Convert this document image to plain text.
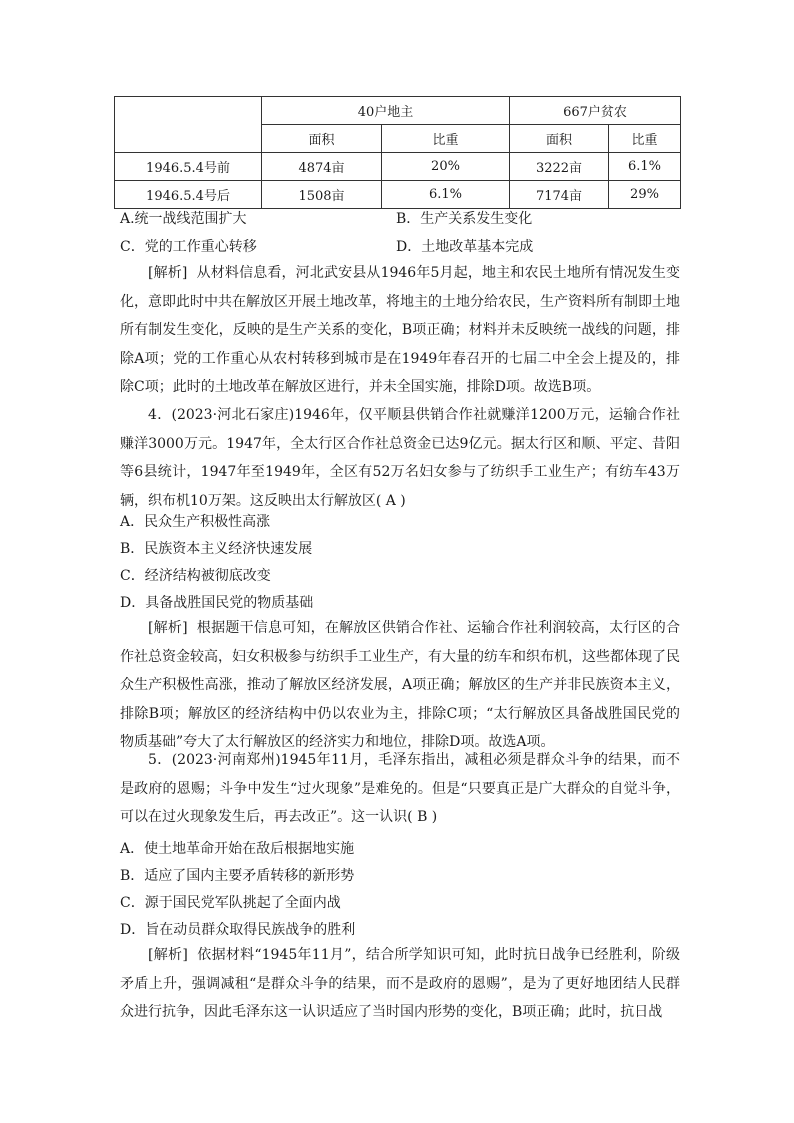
	40户地主		667户贫农	
	面积	比重	面积	比重
1946.5.4号前	4874亩	20%	3222亩	6.1%
1946.5.4号后	1508亩	6.1%	7174亩	29%
A.统一战线范围扩大	B．生产关系发生变化
C．党的工作重心转移	D．土地改革基本完成
[解析] 从材料信息看，河北武安县从1946年5月起，地主和农民土地所有情况发生变化，意即此时中共在解放区开展土地改革，将地主的土地分给农民，生产资料所有制即土地所有制发生变化，反映的是生产关系的变化，B项正确；材料并未反映统一战线的问题，排除A项；党的工作重心从农村转移到城市是在1949年春召开的七届二中全会上提及的，排除C项；此时的土地改革在解放区进行，并未全国实施，排除D项。故选B项。
4．(2023·河北石家庄)1946年，仅平顺县供销合作社就赚洋1200万元，运输合作社赚洋3000万元。1947年，全太行区合作社总资金已达9亿元。据太行区和顺、平定、昔阳等6县统计，1947年至1949年，全区有52万名妇女参与了纺织手工业生产；有纺车43万辆，织布机10万架。这反映出太行解放区( A )
A．民众生产积极性高涨
B．民族资本主义经济快速发展
C．经济结构被彻底改变
D．具备战胜国民党的物质基础
[解析] 根据题干信息可知，在解放区供销合作社、运输合作社利润较高，太行区的合作社总资金较高，妇女积极参与纺织手工业生产，有大量的纺车和织布机，这些都体现了民众生产积极性高涨，推动了解放区经济发展，A项正确；解放区的生产并非民族资本主义，排除B项；解放区的经济结构中仍以农业为主，排除C项；“太行解放区具备战胜国民党的物质基础”夸大了太行解放区的经济实力和地位，排除D项。故选A项。
5．(2023·河南郑州)1945年11月，毛泽东指出，减租必须是群众斗争的结果，而不是政府的恩赐；斗争中发生“过火现象”是难免的。但是“只要真正是广大群众的自觉斗争，可以在过火现象发生后，再去改正”。这一认识( B )
A．使土地革命开始在敌后根据地实施
B．适应了国内主要矛盾转移的新形势
C．源于国民党军队挑起了全面内战
D．旨在动员群众取得民族战争的胜利
[解析] 依据材料“1945年11月”，结合所学知识可知，此时抗日战争已经胜利，阶级矛盾上升，强调减租“是群众斗争的结果，而不是政府的恩赐”，是为了更好地团结人民群众进行抗争，因此毛泽东这一认识适应了当时国内形势的变化，B项正确；此时，抗日战
